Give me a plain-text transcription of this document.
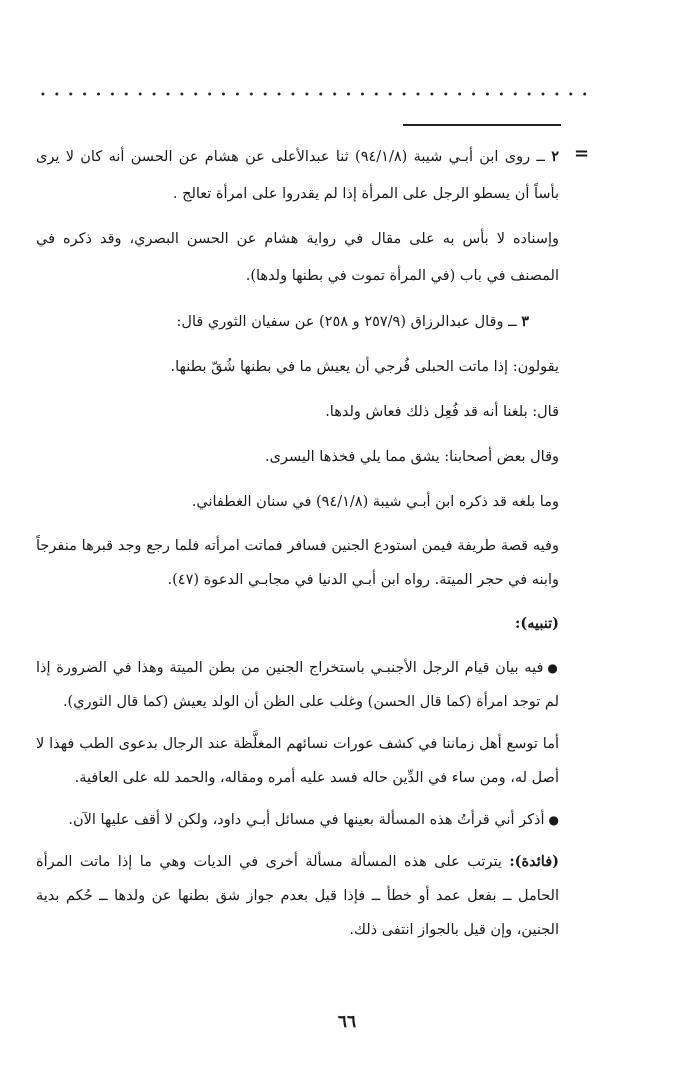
=

٢ ــ روى ابن أبـي شيبة (٩٤/١/٨) ثنا عبدالأعلى عن هشام عن الحسن أنه كان لا يرى بأساً أن يسطو الرجل على المرأة إذا لم يقدروا على امرأة تعالج .

وإسناده لا بأس به على مقال في رواية هشام عن الحسن البصري، وقد ذكره في المصنف في باب (في المرأة تموت في بطنها ولدها).

٣ ــ وقال عبدالرزاق (٢٥٧/٩ و ٢٥٨) عن سفيان الثوري قال:

يقولون: إذا ماتت الحبلى فُرجي أن يعيش ما في بطنها شُقّ بطنها.

قال: بلغنا أنه قد فُعِل ذلك فعاش ولدها.

وقال بعض أصحابنا: يشق مما يلي فخذها اليسرى.

وما بلغه قد ذكره ابن أبـي شيبة (٩٤/١/٨) في سنان الغطفاني.

وفيه قصة طريفة فيمن استودع الجنين فسافر فماتت امرأته فلما رجع وجد قبرها منفرجاً وابنه في حجر الميتة. رواه ابن أبـي الدنيا في مجابـي الدعوة (٤٧).

(تنبيه):

●فيه بيان قيام الرجل الأجنبـي باستخراج الجنين من بطن الميتة وهذا في الضرورة إذا لم توجد امرأة (كما قال الحسن) وغلب على الظن أن الولد يعيش (كما قال الثوري).

أما توسع أهل زماننا في كشف عورات نسائهم المغلَّظة عند الرجال بدعوى الطب فهذا لا أصل له، ومن ساء في الدِّين حاله فسد عليه أمره ومقاله، والحمد لله على العافية.

●أذكر أني قرأتُ هذه المسألة بعينها في مسائل أبـي داود، ولكن لا أقف عليها الآن.

(فائدة): يترتب على هذه المسألة مسألة أخرى في الديات وهي ما إذا ماتت المرأة الحامل ــ بفعل عمد أو خطأ ــ فإذا قيل بعدم جواز شق بطنها عن ولدها ــ حُكم بدية الجنين، وإن قيل بالجواز انتفى ذلك.

٦٦
